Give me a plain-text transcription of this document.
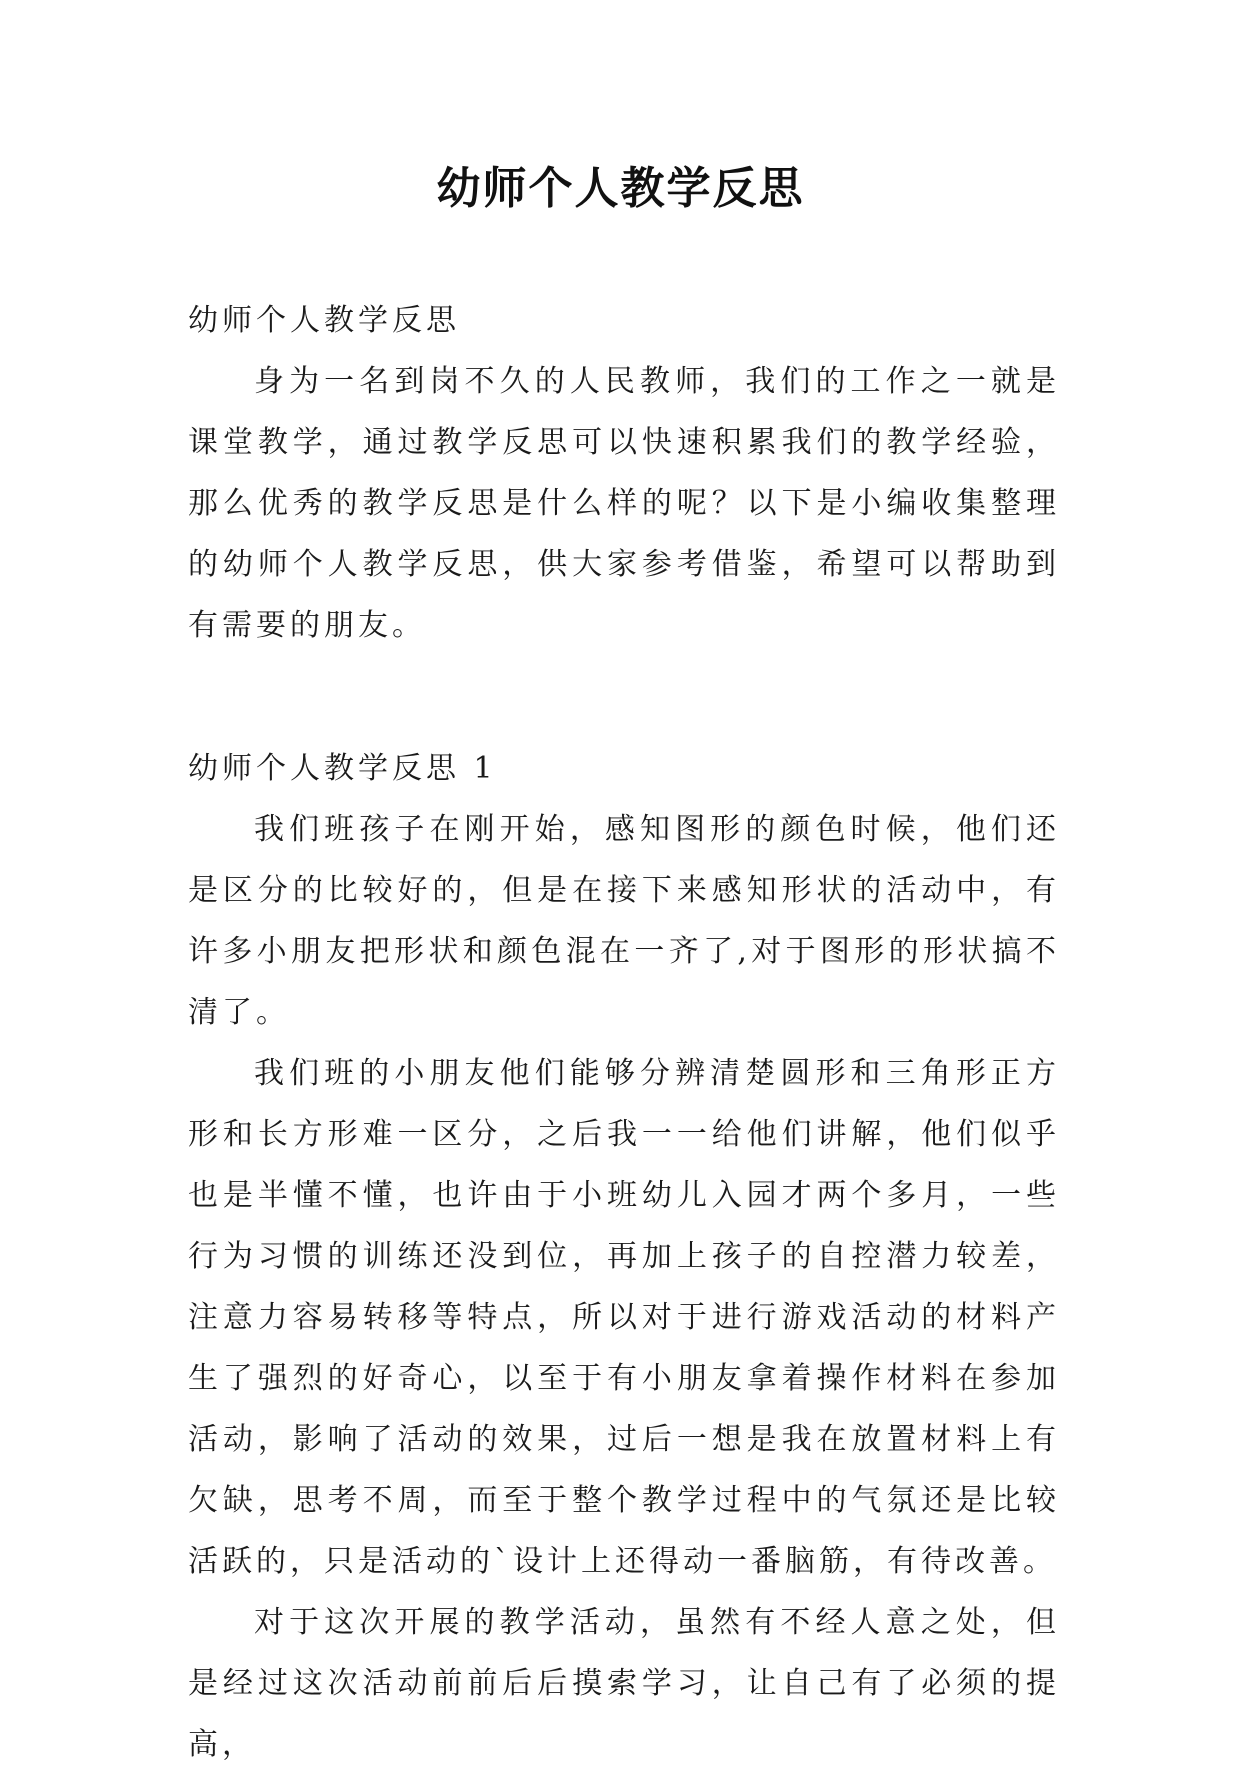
幼师个人教学反思

幼师个人教学反思

身为一名到岗不久的人民教师，我们的工作之一就是课堂教学，通过教学反思可以快速积累我们的教学经验，那么优秀的教学反思是什么样的呢？以下是小编收集整理的幼师个人教学反思，供大家参考借鉴，希望可以帮助到有需要的朋友。

幼师个人教学反思 1

我们班孩子在刚开始，感知图形的颜色时候，他们还是区分的比较好的，但是在接下来感知形状的活动中，有许多小朋友把形状和颜色混在一齐了,对于图形的形状搞不清了。

我们班的小朋友他们能够分辨清楚圆形和三角形正方形和长方形难一区分，之后我一一给他们讲解，他们似乎也是半懂不懂，也许由于小班幼儿入园才两个多月，一些行为习惯的训练还没到位，再加上孩子的自控潜力较差，注意力容易转移等特点，所以对于进行游戏活动的材料产生了强烈的好奇心，以至于有小朋友拿着操作材料在参加活动，影响了活动的效果，过后一想是我在放置材料上有欠缺，思考不周，而至于整个教学过程中的气氛还是比较活跃的，只是活动的`设计上还得动一番脑筋，有待改善。

对于这次开展的教学活动，虽然有不经人意之处，但是经过这次活动前前后后摸索学习，让自己有了必须的提高，
